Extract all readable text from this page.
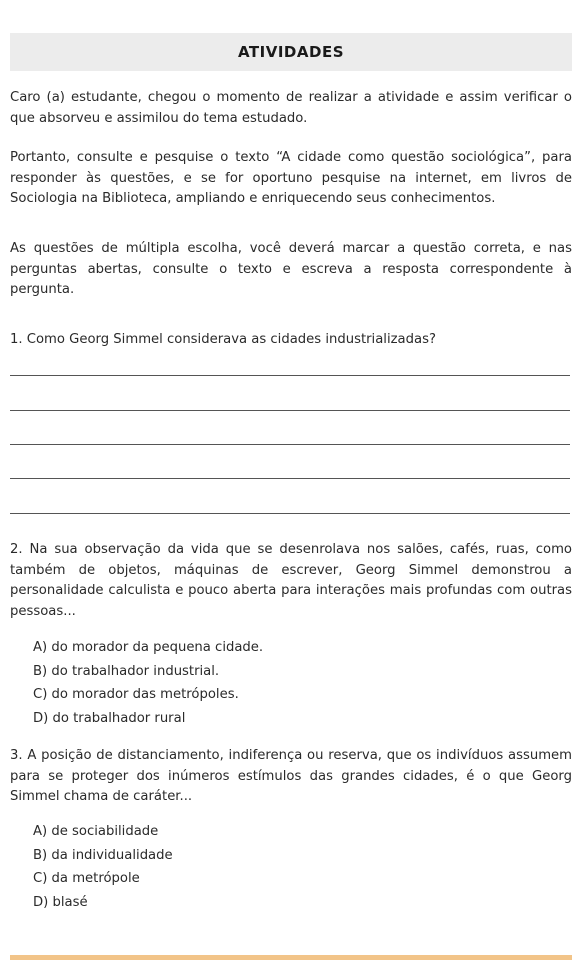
ATIVIDADES
Caro (a) estudante, chegou o momento de realizar a atividade e assim verificar o que absorveu e assimilou do tema estudado.
Portanto, consulte e pesquise o texto “A cidade como questão sociológica”, para responder às questões, e se for oportuno pesquise na internet, em livros de Sociologia na Biblioteca, ampliando e enriquecendo seus conhecimentos.
As questões de múltipla escolha, você deverá marcar a questão correta, e nas perguntas abertas, consulte o texto e escreva a resposta correspondente à pergunta.
1. Como Georg Simmel considerava as cidades industrializadas?
2. Na sua observação da vida que se desenrolava nos salões, cafés, ruas, como também de objetos, máquinas de escrever, Georg Simmel demonstrou a personalidade calculista e pouco aberta para interações mais profundas com outras pessoas...
A) do morador da pequena cidade.
B) do trabalhador industrial.
C) do morador das metrópoles.
D) do trabalhador rural
3. A posição de distanciamento, indiferença ou reserva, que os indivíduos assumem para se proteger dos inúmeros estímulos das grandes cidades, é o que Georg Simmel chama de caráter...
A) de sociabilidade
B) da individualidade
C) da metrópole
D) blasé
